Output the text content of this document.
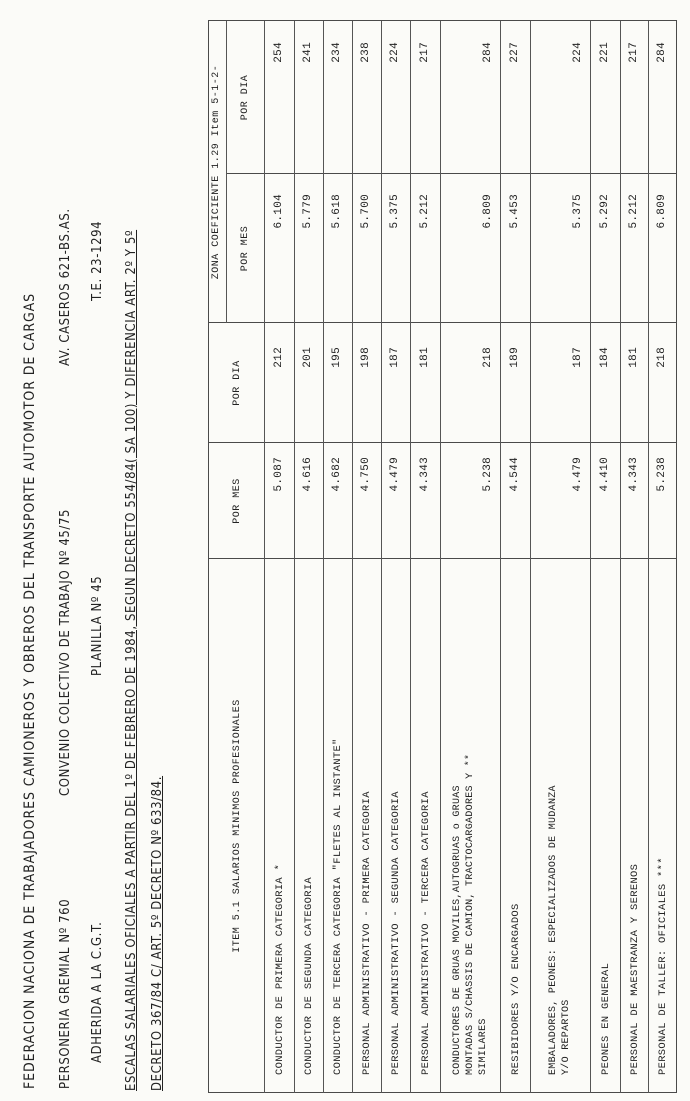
FEDERACION NACIONA DE TRABAJADORES CAMIONEROS Y OBREROS DEL TRANSPORTE AUTOMOTOR DE CARGAS PERSONERIA GREMIAL Nº 760
CONVENIO COLECTIVO DE TRABAJO Nº 45/75
AV. CASEROS 621-BS.AS.
ADHERIDA A LA C.G.T.
PLANILLA Nº 45
T.E. 23-1294 ESCALAS SALARIALES OFICIALES A PARTIR DEL 1º DE FEBRERO DE 1984, SEGUN DECRETO 554/84( SA 100) Y DIFERENCIA ART. 2º Y 5º DECRETO 367/84 C/ ART. 5º DECRETO Nº 633/84.	ITEM 5.1 SALARIOS MINIMOS PROFESIONALES
POR MES
POR DIA
ZONA COEFICIENTE 1.29 Item 5-1-2- POR MES
POR DIA
CONDUCTOR DE PRIMERA CATEGORIA *
5.087
212
6.104
254
CONDUCTOR DE SEGUNDA CATEGORIA
4.616
201
5.779
241
CONDUCTOR DE TERCERA CATEGORIA "FLETES AL INSTANTE"
4.682
195
5.618
234
PERSONAL ADMINISTRATIVO - PRIMERA CATEGORIA
4.750
198
5.700
238
PERSONAL ADMINISTRATIVO - SEGUNDA CATEGORIA
4.479
187
5.375
224
PERSONAL ADMINISTRATIVO - TERCERA CATEGORIA
4.343
181
5.212
217
CONDUCTORES DE GRUAS MOVILES,AUTOGRUAS o GRUAS MONTADAS S/CHASSIS DE CAMION, TRACTOCARGADORES Y ** SIMILARES
5.238
218
6.809
284
RESIBIDORES Y/O ENCARGADOS
4.544
189
5.453
227
EMBALADORES, PEONES: ESPECIALIZADOS DE MUDANZA Y/O REPARTOS
4.479
187
5.375
224
PEONES EN GENERAL
4.410
184
5.292
221
PERSONAL DE MAESTRANZA Y SERENOS
4.343
181
5.212
217
PERSONAL DE TALLER: OFICIALES ***
5.238
218
6.809
284
